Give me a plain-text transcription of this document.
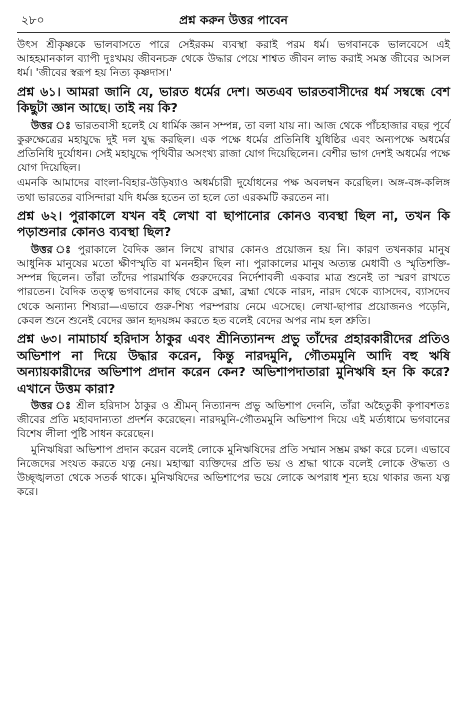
২৮০	প্রশ্ন করুন উত্তর পাবেন

উৎস শ্রীকৃষ্ণকে ভালবাসতে পারে সেইরকম ব্যবস্থা করাই পরম ধর্ম। ভগবানকে ভালবেসে এই আহহমানকাল ব্যাপী দুঃখময় জীবনচক্র থেকে উদ্ধার পেয়ে শাশ্বত জীবন লাভ করাই সমস্ত জীবের আসল ধর্ম। 'জীবের স্বরূপ হয় নিত্য কৃষ্ণদাস।'

প্রশ্ন ৬১। আমরা জানি যে, ভারত ধর্মের দেশ। অতএব ভারতবাসীদের ধর্ম সম্বন্ধে বেশ কিছুটা জ্ঞান আছে। তাই নয় কি?

উত্তর ঃ ভারতবাসী হলেই যে ধার্মিক জ্ঞান সম্পন্ন, তা বলা যায় না। আজ থেকে পাঁচহাজার বছর পূর্বে কুরুক্ষেত্রের মহাযুদ্ধে দুই দল যুদ্ধ করছিল। এক পক্ষে ধর্মের প্রতিনিধি যুধিষ্ঠির এবং অন্যপক্ষে অধর্মের প্রতিনিধি দুর্যোধন। সেই মহাযুদ্ধে পৃথিবীর অসংখ্য রাজা যোগ দিয়েছিলেন। বেশীর ভাগ দেশই অধর্মের পক্ষে যোগ দিয়েছিল।

এমনকি আমাদের বাংলা-বিহার-উড়িষ্যাও অধর্মচারী দুর্যোধনের পক্ষ অবলম্বন করেছিল। অঙ্গ-বঙ্গ-কলিঙ্গ তথা ভারতের বাসিন্দারা যদি ধর্মজ্ঞ হতেন তা হলে তো এরকমটি করতেন না।

প্রশ্ন ৬২। পুরাকালে যখন বই লেখা বা ছাপানোর কোনও ব্যবস্থা ছিল না, তখন কি পড়াশুনার কোনও ব্যবস্থা ছিল?

উত্তর ঃ পুরাকালে বৈদিক জ্ঞান লিখে রাখার কোনও প্রয়োজন হয় নি। কারণ তখনকার মানুষ আধুনিক মানুষের মতো ক্ষীণস্মৃতি বা মননহীন ছিল না। পুরাকালের মানুষ অত্যন্ত মেধাবী ও স্মৃতিশক্তি-সম্পন্ন ছিলেন। তাঁরা তাঁদের পারমার্থিক গুরুদেবের নির্দেশাবলী একবার মাত্র শুনেই তা স্মরণ রাখতে পারতেন। বৈদিক তত্ত্ব ভগবানের কাছ থেকে ব্রহ্মা, ব্রহ্মা থেকে নারদ, নারদ থেকে ব্যাসদেব, ব্যাসদেব থেকে অন্যান্য শিষ্যরা—এভাবে গুরু-শিষ্য পরম্পরায় নেমে এসেছে। লেখা-ছাপার প্রয়োজনও পড়েনি, কেবল শুনে শুনেই বেদের জ্ঞান হৃদয়ঙ্গম করতে হত বলেই বেদের অপর নাম হল শ্রুতি।

প্রশ্ন ৬৩। নামাচার্য হরিদাস ঠাকুর এবং শ্রীনিত্যানন্দ প্রভু তাঁদের প্রহারকারীদের প্রতিও অভিশাপ না দিয়ে উদ্ধার করেন, কিন্তু নারদমুনি, গৌতমমুনি আদি বহু ঋষি অন্যায়কারীদের অভিশাপ প্রদান করেন কেন? অভিশাপদাতারা মুনিঋষি হন কি করে? এখানে উত্তম কারা?

উত্তর ঃ শ্রীল হরিদাস ঠাকুর ও শ্রীমন্ নিত্যানন্দ প্রভু অভিশাপ দেননি, তাঁরা অহৈতুকী কৃপাবশতঃ জীবের প্রতি মহাবদান্যতা প্রদর্শন করেছেন। নারদমুনি-গৌতমমুনি অভিশাপ দিয়ে এই মর্ত্যধামে ভগবানের বিশেষ লীলা পুষ্টি সাধন করেছেন।

মুনিঋষিরা অভিশাপ প্রদান করেন বলেই লোকে মুনিঋষিদের প্রতি সম্মান সম্ভ্রম রক্ষা করে চলে। এভাবে নিজেদের সংযত করতে যত্ন নেয়। মহাত্মা ব্যক্তিদের প্রতি ভয় ও শ্রদ্ধা থাকে বলেই লোকে ঔদ্ধত্য ও উচ্ছৃঙ্খলতা থেকে সতর্ক থাকে। মুনিঋষিদের অভিশাপের ভয়ে লোকে অপরাধ শূন্য হয়ে থাকার জন্য যত্ন করে।
